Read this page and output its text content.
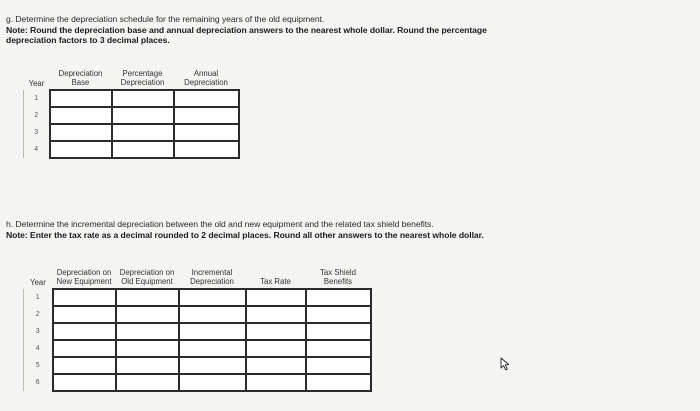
g. Determine the depreciation schedule for the remaining years of the old equipment.
Note: Round the depreciation base and annual depreciation answers to the nearest whole dollar. Round the percentage
depreciation factors to 3 decimal places.
Year	Depreciation Base	Percentage Depreciation	Annual Depreciation
1	

2	

3	

4	

h. Determine the incremental depreciation between the old and new equipment and the related tax shield benefits.
Note: Enter the tax rate as a decimal rounded to 2 decimal places. Round all other answers to the nearest whole dollar.
Year	Depreciation on New Equipment	Depreciation on Old Equipment	Incremental Depreciation	Tax Rate	Tax Shield Benefits
1	

2	

3	

4	

5	

6	
